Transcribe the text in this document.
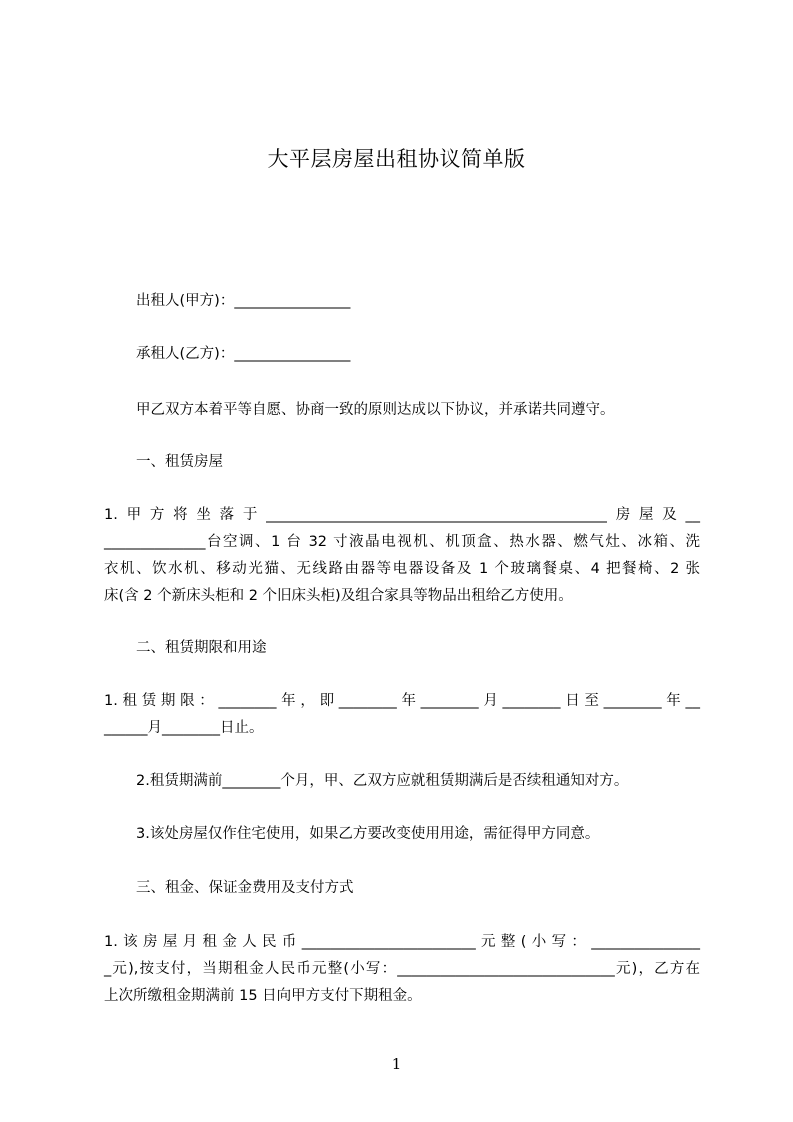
大平层房屋出租协议简单版
出租人(甲方)：________________
承租人(乙方)：________________
甲乙双方本着平等自愿、协商一致的原则达成以下协议，并承诺共同遵守。
一、租赁房屋
1.甲方将坐落于_______________________________________________房屋及__
______________台空调、1 台 32 寸液晶电视机、机顶盒、热水器、燃气灶、冰箱、洗
衣机、饮水机、移动光猫、无线路由器等电器设备及 1 个玻璃餐桌、4 把餐椅、2 张
床(含 2 个新床头柜和 2 个旧床头柜)及组合家具等物品出租给乙方使用。
二、租赁期限和用途
1.租赁期限：________年，即________年________月________日至________年__
______月________日止。
2.租赁期满前________个月，甲、乙双方应就租赁期满后是否续租通知对方。
3.该处房屋仅作住宅使用，如果乙方要改变使用用途，需征得甲方同意。
三、租金、保证金费用及支付方式
1.该房屋月租金人民币________________________元整(小写：_______________
_元),按支付，当期租金人民币元整(小写：______________________________元)，乙方在
上次所缴租金期满前 15 日向甲方支付下期租金。
1
